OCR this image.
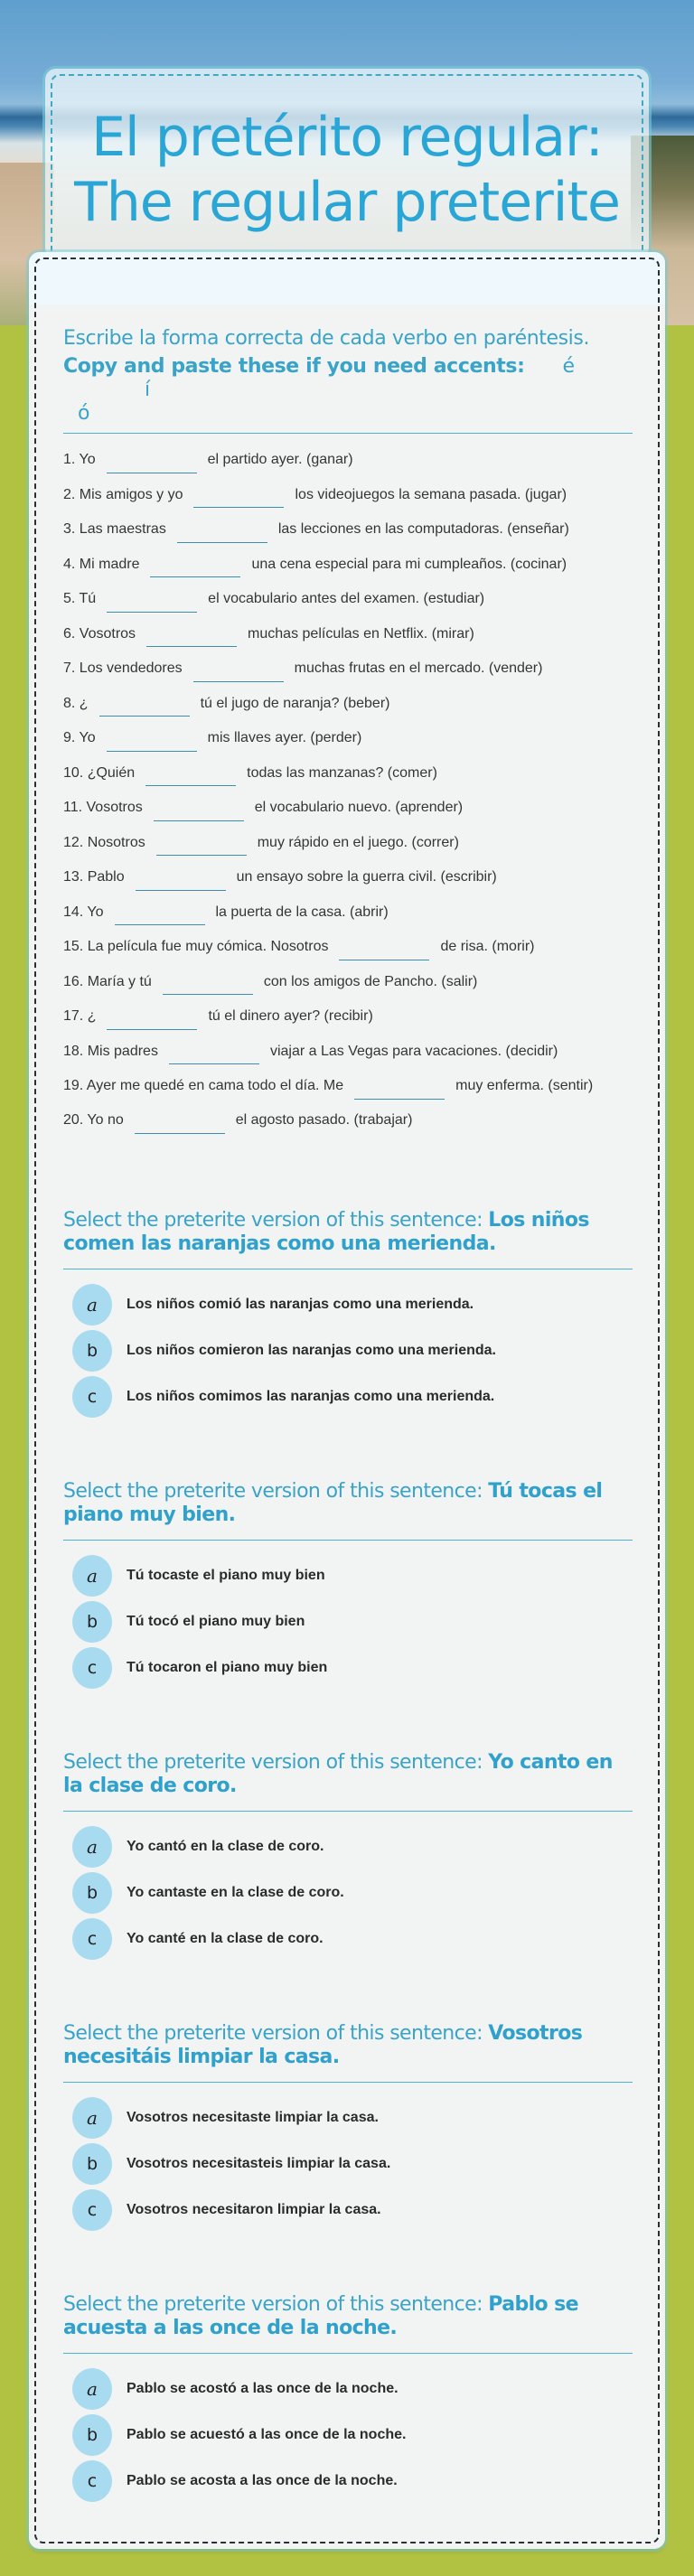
El pretérito regular:
The regular preterite
Escribe la forma correcta de cada verbo en paréntesis.
Copy and paste these if you need accents: éí
ó
1. Yo	el partido ayer. (ganar)
2. Mis amigos y yo	los videojuegos la semana pasada. (jugar)
3. Las maestras	las lecciones en las computadoras. (enseñar)
4. Mi madre	una cena especial para mi cumpleaños. (cocinar)
5. Tú	el vocabulario antes del examen. (estudiar)
6. Vosotros	muchas películas en Netflix. (mirar)
7. Los vendedores	muchas frutas en el mercado. (vender)
8. ¿	tú el jugo de naranja? (beber)
9. Yo	mis llaves ayer. (perder)
10. ¿Quién	todas las manzanas? (comer)
11. Vosotros	el vocabulario nuevo. (aprender)
12. Nosotros	muy rápido en el juego. (correr)
13. Pablo	un ensayo sobre la guerra civil. (escribir)
14. Yo	la puerta de la casa. (abrir)
15. La película fue muy cómica. Nosotros	de risa. (morir)
16. María y tú	con los amigos de Pancho. (salir)
17. ¿	tú el dinero ayer? (recibir)
18. Mis padres	viajar a Las Vegas para vacaciones. (decidir)
19. Ayer me quedé en cama todo el día. Me	muy enferma. (sentir)
20. Yo no	el agosto pasado. (trabajar)
Select the preterite version of this sentence: Los niños comen las naranjas como una merienda.
a	Los niños comió las naranjas como una merienda.
b	Los niños comieron las naranjas como una merienda.
c	Los niños comimos las naranjas como una merienda.
Select the preterite version of this sentence: Tú tocas el piano muy bien.
a	Tú tocaste el piano muy bien
b	Tú tocó el piano muy bien
c	Tú tocaron el piano muy bien
Select the preterite version of this sentence: Yo canto en la clase de coro.
a	Yo cantó en la clase de coro.
b	Yo cantaste en la clase de coro.
c	Yo canté en la clase de coro.
Select the preterite version of this sentence: Vosotros necesitáis limpiar la casa.
a	Vosotros necesitaste limpiar la casa.
b	Vosotros necesitasteis limpiar la casa.
c	Vosotros necesitaron limpiar la casa.
Select the preterite version of this sentence: Pablo se acuesta a las once de la noche.
a	Pablo se acostó a las once de la noche.
b	Pablo se acuestó a las once de la noche.
c	Pablo se acosta a las once de la noche.
